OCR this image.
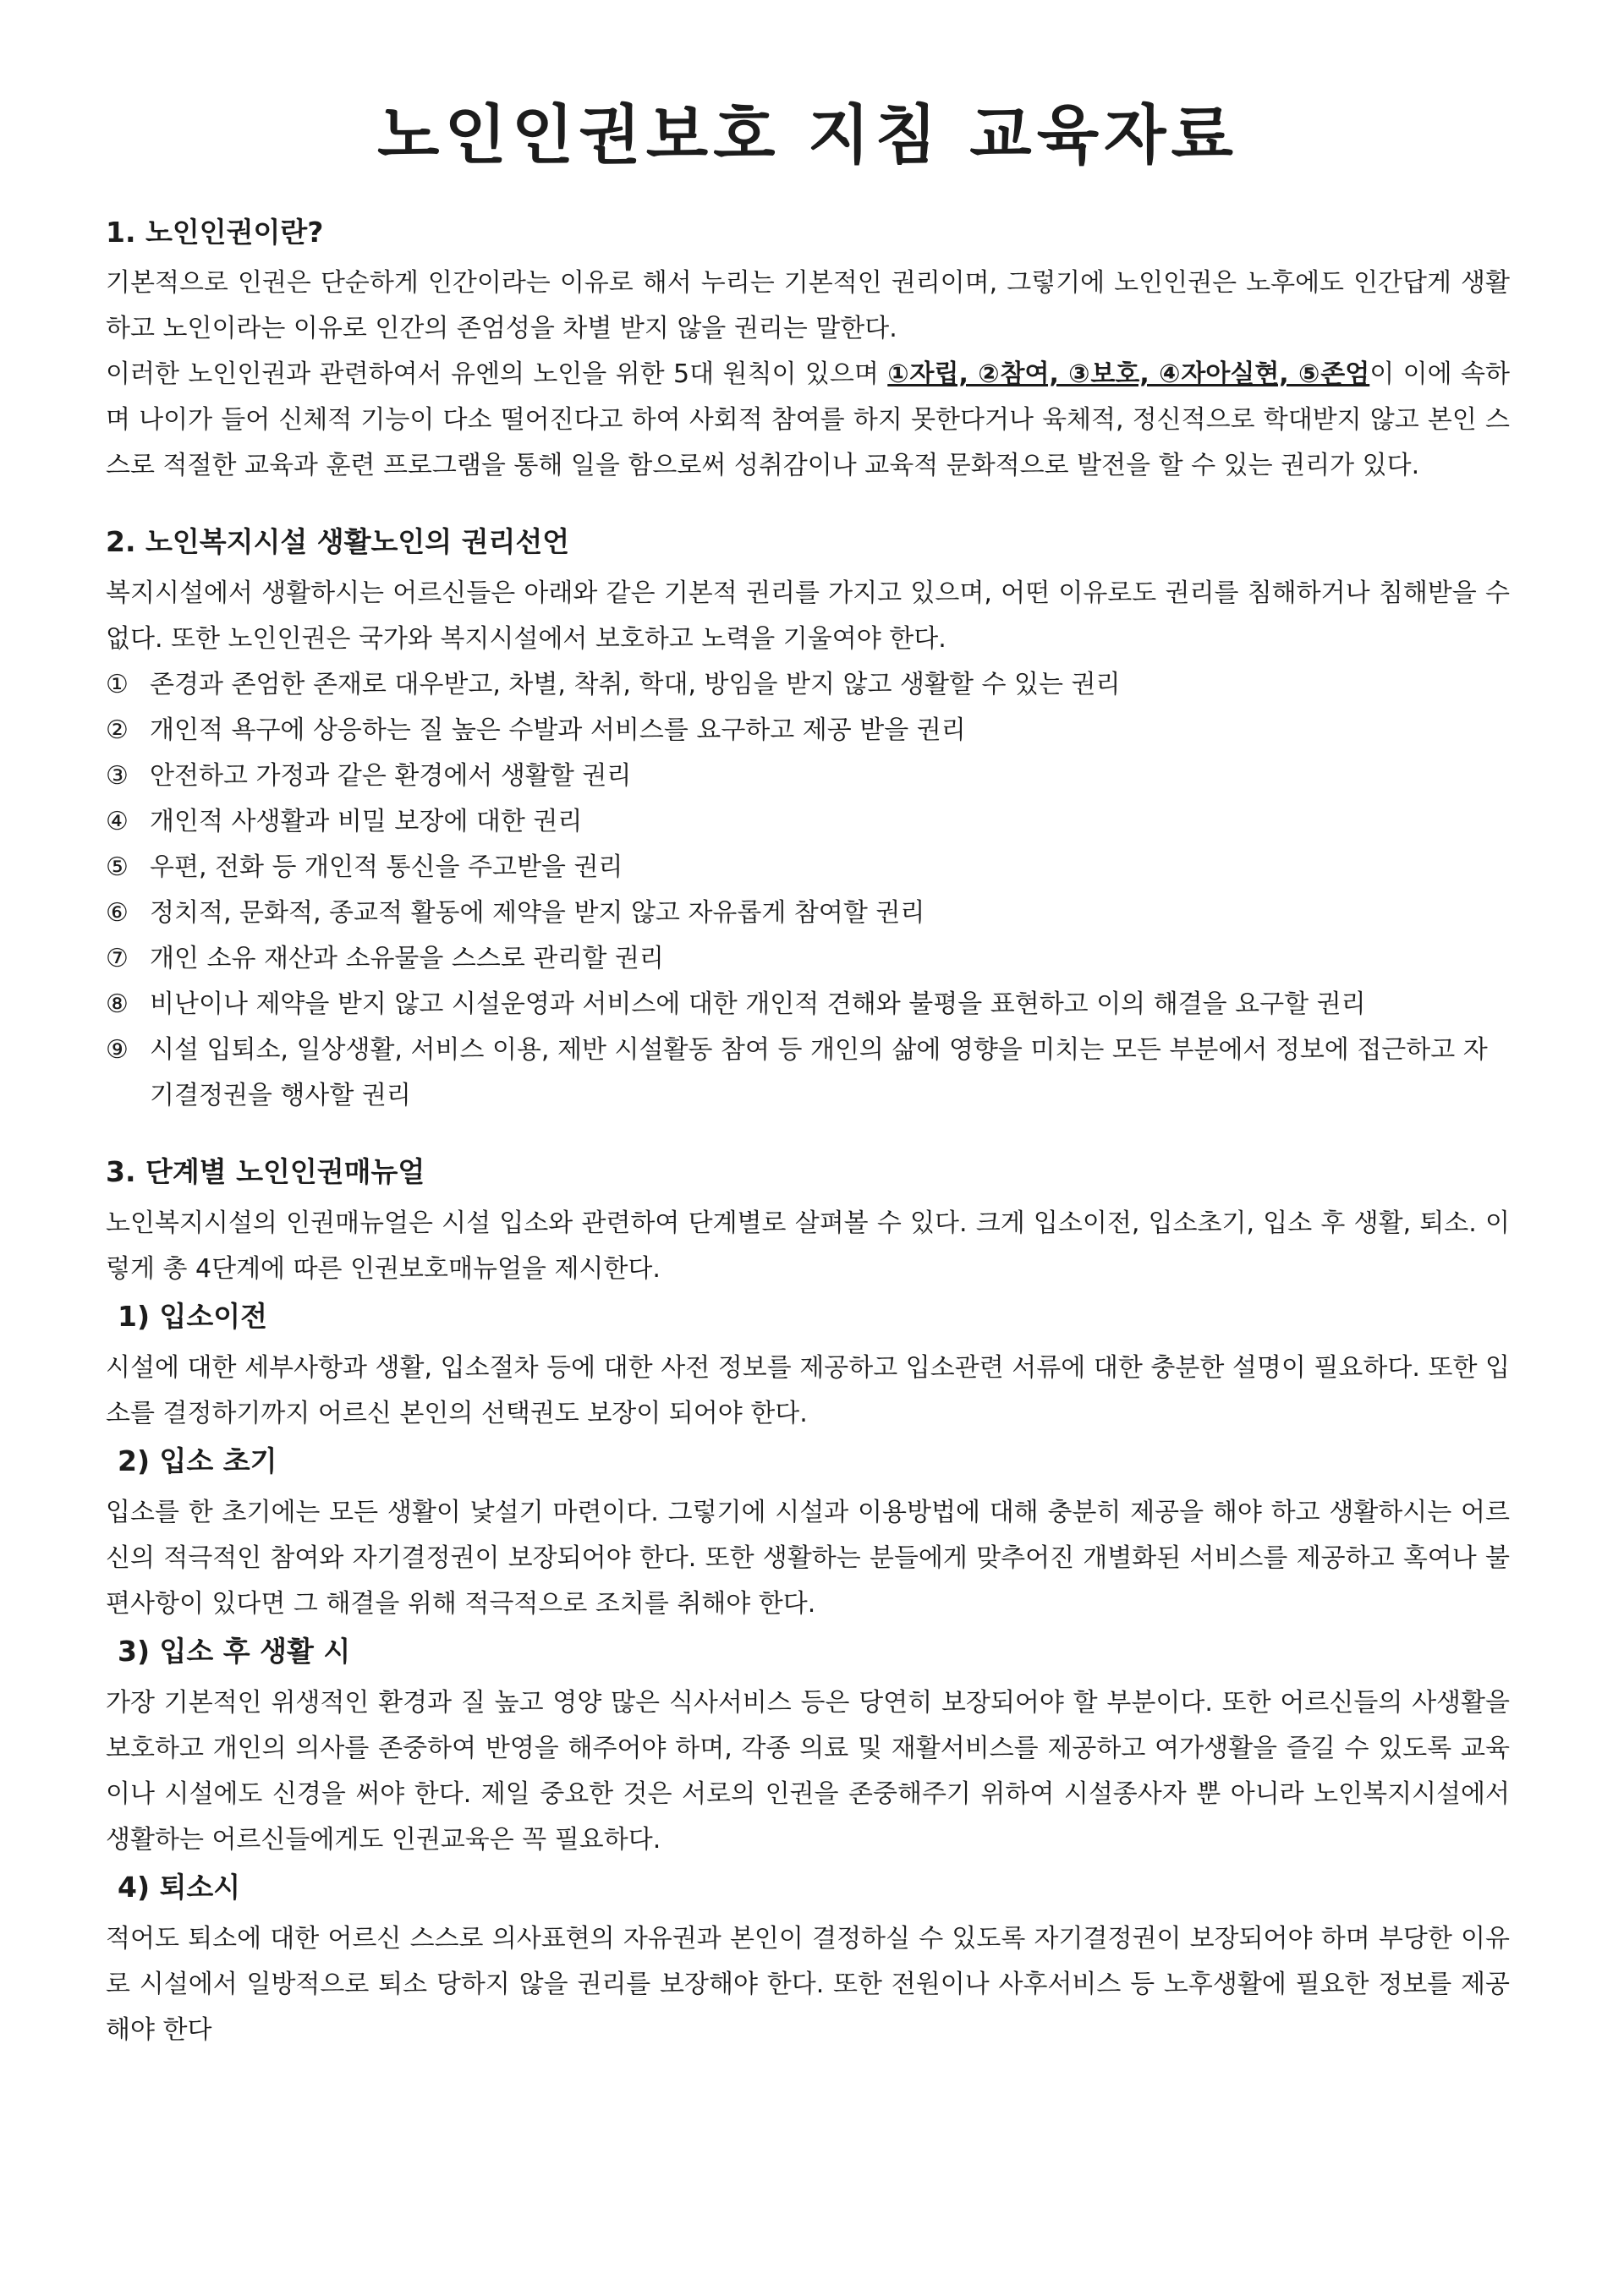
노인인권보호 지침 교육자료
1. 노인인권이란?

기본적으로 인권은 단순하게 인간이라는 이유로 해서 누리는 기본적인 권리이며, 그렇기에 노인인권은 노후에도 인간답게 생활하고 노인이라는 이유로 인간의 존엄성을 차별 받지 않을 권리는 말한다.

이러한 노인인권과 관련하여서 유엔의 노인을 위한 5대 원칙이 있으며 ①자립, ②참여, ③보호, ④자아실현, ⑤존엄이 이에 속하며 나이가 들어 신체적 기능이 다소 떨어진다고 하여 사회적 참여를 하지 못한다거나 육체적, 정신적으로 학대받지 않고 본인 스스로 적절한 교육과 훈련 프로그램을 통해 일을 함으로써 성취감이나 교육적 문화적으로 발전을 할 수 있는 권리가 있다.

2. 노인복지시설 생활노인의 권리선언

복지시설에서 생활하시는 어르신들은 아래와 같은 기본적 권리를 가지고 있으며, 어떤 이유로도 권리를 침해하거나 침해받을 수 없다. 또한 노인인권은 국가와 복지시설에서 보호하고 노력을 기울여야 한다.

① 존경과 존엄한 존재로 대우받고, 차별, 착취, 학대, 방임을 받지 않고 생활할 수 있는 권리
② 개인적 욕구에 상응하는 질 높은 수발과 서비스를 요구하고 제공 받을 권리
③ 안전하고 가정과 같은 환경에서 생활할 권리
④ 개인적 사생활과 비밀 보장에 대한 권리
⑤ 우편, 전화 등 개인적 통신을 주고받을 권리
⑥ 정치적, 문화적, 종교적 활동에 제약을 받지 않고 자유롭게 참여할 권리
⑦ 개인 소유 재산과 소유물을 스스로 관리할 권리
⑧ 비난이나 제약을 받지 않고 시설운영과 서비스에 대한 개인적 견해와 불평을 표현하고 이의 해결을 요구할 권리
⑨ 시설 입퇴소, 일상생활, 서비스 이용, 제반 시설활동 참여 등 개인의 삶에 영향을 미치는 모든 부분에서 정보에 접근하고 자기결정권을 행사할 권리
3. 단계별 노인인권매뉴얼

노인복지시설의 인권매뉴얼은 시설 입소와 관련하여 단계별로 살펴볼 수 있다. 크게 입소이전, 입소초기, 입소 후 생활, 퇴소. 이렇게 총 4단계에 따른 인권보호매뉴얼을 제시한다.

1) 입소이전

시설에 대한 세부사항과 생활, 입소절차 등에 대한 사전 정보를 제공하고 입소관련 서류에 대한 충분한 설명이 필요하다. 또한 입소를 결정하기까지 어르신 본인의 선택권도 보장이 되어야 한다.

2) 입소 초기

입소를 한 초기에는 모든 생활이 낯설기 마련이다. 그렇기에 시설과 이용방법에 대해 충분히 제공을 해야 하고 생활하시는 어르신의 적극적인 참여와 자기결정권이 보장되어야 한다. 또한 생활하는 분들에게 맞추어진 개별화된 서비스를 제공하고 혹여나 불편사항이 있다면 그 해결을 위해 적극적으로 조치를 취해야 한다.

3) 입소 후 생활 시

가장 기본적인 위생적인 환경과 질 높고 영양 많은 식사서비스 등은 당연히 보장되어야 할 부분이다. 또한 어르신들의 사생활을 보호하고 개인의 의사를 존중하여 반영을 해주어야 하며, 각종 의료 및 재활서비스를 제공하고 여가생활을 즐길 수 있도록 교육이나 시설에도 신경을 써야 한다. 제일 중요한 것은 서로의 인권을 존중해주기 위하여 시설종사자 뿐 아니라 노인복지시설에서 생활하는 어르신들에게도 인권교육은 꼭 필요하다.

4) 퇴소시

적어도 퇴소에 대한 어르신 스스로 의사표현의 자유권과 본인이 결정하실 수 있도록 자기결정권이 보장되어야 하며 부당한 이유로 시설에서 일방적으로 퇴소 당하지 않을 권리를 보장해야 한다. 또한 전원이나 사후서비스 등 노후생활에 필요한 정보를 제공해야 한다
